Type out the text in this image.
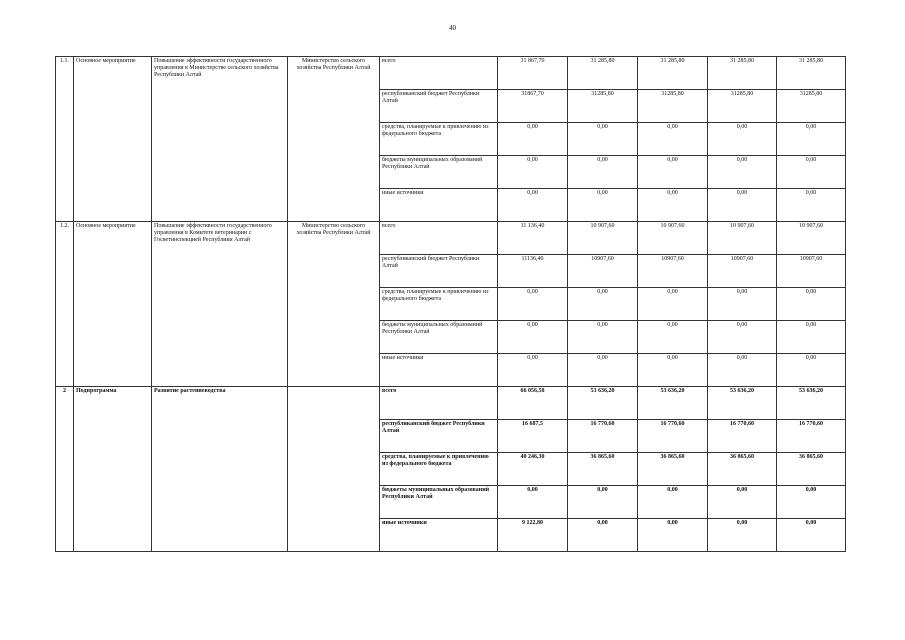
40
1.1.	Основное мероприятие	Повышение эффективности государственного управления в Министерстве сельского хозяйства Республики Алтай	Министерство сельского хозяйства Республики Алтай	всего	31 867,70	31 285,80	31 285,80	31 285,80	31 285,80
				республиканский бюджет Республики Алтай	31867,70	31285,80	31285,80	31285,80	31285,80
				средства, планируемые к привлечению из федерального бюджета	0,00	0,00	0,00	0,00	0,00
				бюджеты муниципальных образований Республики Алтай	0,00	0,00	0,00	0,00	0,00
				иные источники	0,00	0,00	0,00	0,00	0,00
1.2.	Основное мероприятие	Повышение эффективности государственного управления в Комитете ветеринарии с Госветинспекцией Республики Алтай	Министерство сельского хозяйства Республики Алтай	всего	11 136,40	10 907,60	10 907,60	10 907,60	10 907,60
				республиканский бюджет Республики Алтай	11136,40	10907,60	10907,60	10907,60	10907,60
				средства, планируемые к привлечению из федерального бюджета	0,00	0,00	0,00	0,00	0,00
				бюджеты муниципальных образований Республики Алтай	0,00	0,00	0,00	0,00	0,00
				иные источники	0,00	0,00	0,00	0,00	0,00
2	Подпрограмма	Развитие растениеводства		всего	66 056,58	53 636,20	53 636,20	53 636,20	53 636,20
				республиканский бюджет Республики Алтай	16 687,5	16 770,60	16 770,60	16 770,60	16 770,60
				средства, планируемые к привлечению из федерального бюджета	40 246,30	36 865,60	36 865,60	36 865,60	36 865,60
				бюджеты муниципальных образований Республики Алтай	0,00	0,00	0,00	0,00	0,00
				иные источники	9 122,80	0,00	0,00	0,00	0,00
